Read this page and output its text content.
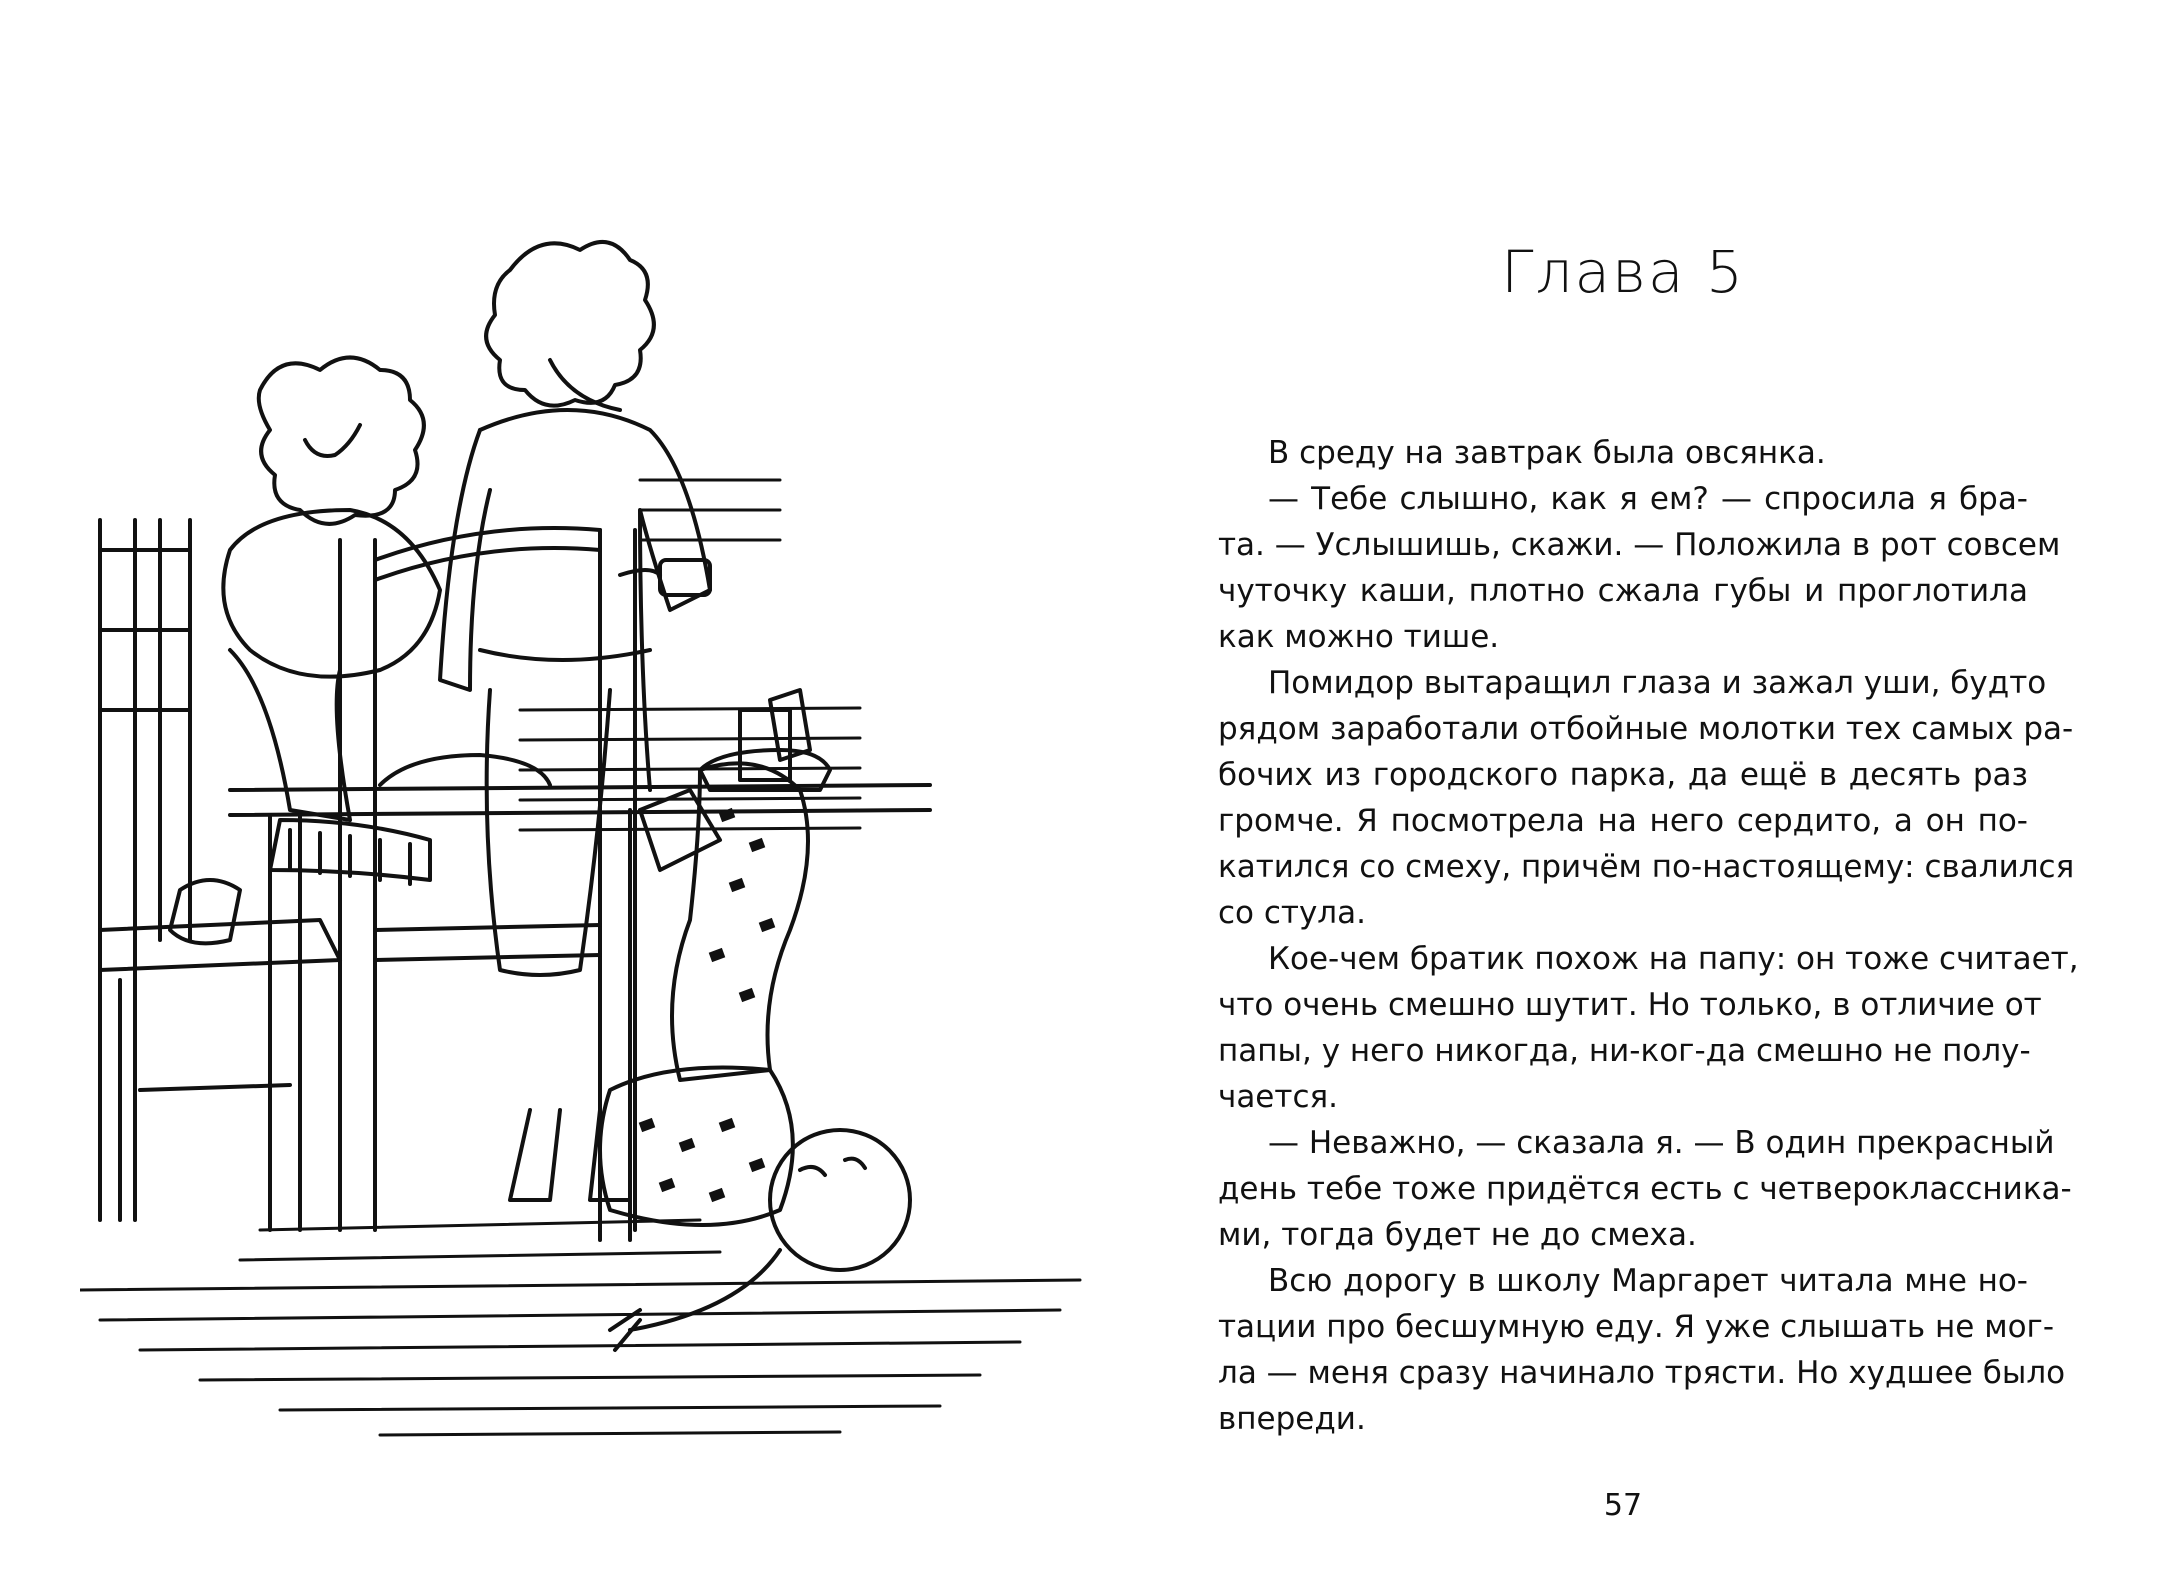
Глава 5

В среду на завтрак была овсянка.

— Тебе слышно, как я ем? — спросила я бра-
та. — Услышишь, скажи. — Положила в рот совсем
чуточку каши, плотно сжала губы и проглотила
как можно тише.

Помидор вытаращил глаза и зажал уши, будто
рядом заработали отбойные молотки тех самых ра-
бочих из городского парка, да ещё в десять раз
громче. Я посмотрела на него сердито, а он по-
катился со смеху, причём по-настоящему: свалился
со стула.

Кое-чем братик похож на папу: он тоже считает,
что очень смешно шутит. Но только, в отличие от
папы, у него никогда, ни-ког-да смешно не полу-
чается.

— Неважно, — сказала я. — В один прекрасный
день тебе тоже придётся есть с четвероклассника-
ми, тогда будет не до смеха.

Всю дорогу в школу Маргарет читала мне но-
тации про бесшумную еду. Я уже слышать не мог-
ла — меня сразу начинало трясти. Но худшее было
впереди.

57
